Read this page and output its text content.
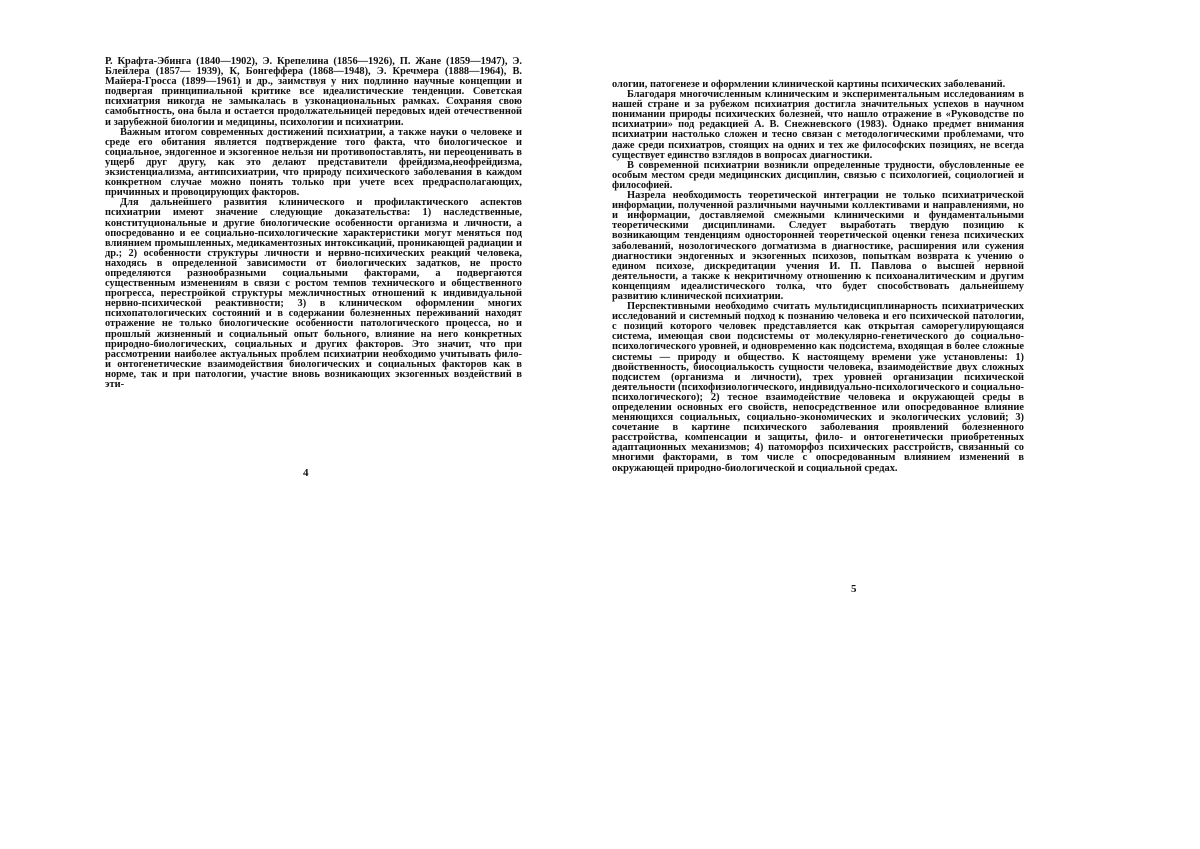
Р. Крафта-Эбинга (1840—1902), Э. Крепелина (1856—1926), П. Жане (1859—1947), Э. Блейлера (1857— 1939), К, Бонгеффера (1868—1948), Э. Кречмера (1888—1964), В. Майера-Гросса (1899—1961) и др., заимствуя у них подлинно научные концепции и подвергая принципиальной критике все идеалистические тенденции. Советская психиатрия никогда не замыкалась в узконациональных рамках. Сохраняя свою самобытность, она была и остается продолжательницей передовых идей отечественной и зарубежной биологии и медицины, психологии и психиатрии.

Важным итогом современных достижений психиатрии, а также науки о человеке и среде его обитания является подтверждение того факта, что биологическое и социальное, эндогенное и экзогенное нельзя ни противопоставлять, ни переоценивать в ущерб друг другу, как это делают представители фрейдизма,неофрейдизма, экзистенциализма, антипсихиатрии, что природу психического заболевания в каждом конкретном случае можно понять только при учете всех предрасполагающих, причинных и провоцирующих факторов.

Для дальнейшего развития клинического и профилактического аспектов психиатрии имеют значение следующие доказательства: 1) наследственные, конституциональные и другие биологические особенности организма и личности, а опосредованно и ее социально-психологические характеристики могут меняться под влиянием промышленных, медикаментозных интоксикаций, проникающей радиации и др.; 2) особенности структуры личности и нервно-психических реакций человека, находясь в определенной зависимости от биологических задатков, не просто определяются разнообразными социальными факторами, а подвергаются существенным изменениям в связи с ростом темпов технического и общественного прогресса, перестройкой структуры межличностных отношений к индивидуальной нервно-психической реактивности; 3) в клиническом оформлении многих психопатологических состояний и в содержании болезненных переживаний находят отражение не только биологические особенности патологического процесса, но и прошлый жизненный и социальный опыт больного, влияние на него конкретных природно-биологических, социальных и других факторов. Это значит, что при рассмотрении наиболее актуальных проблем психиатрии необходимо учитывать фило- и онтогенетические взаимодействия биологических и социальных факторов как в норме, так и при патологии, участие вновь возникающих экзогенных воздействий в эти-

4

ологии, патогенезе и оформлении клинической картины психических заболеваний.

Благодаря многочисленным клиническим и экспериментальным исследованиям в нашей стране и за рубежом психиатрия достигла значительных успехов в научном понимании природы психических болезней, что нашло отражение в «Руководстве по психиатрии» под редакцией А. В. Снежневского (1983). Однако предмет внимания психиатрии настолько сложен и тесно связан с методологическими проблемами, что даже среди психиатров, стоящих на одних и тех же философских позициях, не всегда существует единство взглядов в вопросах диагностики.

В современной психиатрии возникли определенные трудности, обусловленные ее особым местом среди медицинских дисциплин, связью с психологией, социологией и философией.

Назрела необходимость теоретической интеграции не только психиатрической информации, полученной различными научными коллективами и направлениями, но и информации, доставляемой смежными клиническими и фундаментальными теоретическими дисциплинами. Следует выработать твердую позицию к возникающим тенденциям односторонней теоретической оценки генеза психических заболеваний, нозологического догматизма в диагностике, расширения или сужения диагностики эндогенных и экзогенных психозов, попыткам возврата к учению о едином психозе, дискредитации учения И. П. Павлова о высшей нервной деятельности, а также к некритичному отношению к психоаналитическим и другим концепциям идеалистического толка, что будет способствовать дальнейшему развитию клинической психиатрии.

Перспективными необходимо считать мультидисциплинарность психиатрических исследований и системный подход к познанию человека и его психической патологии, с позиций которого человек представляется как открытая саморегулирующаяся система, имеющая свои подсистемы от молекулярно-генетического до социально-психологического уровней, и одновременно как подсистема, входящая в более сложные системы — природу и общество. К настоящему времени уже установлены: 1) двойственность, биосоциалькость сущности человека, взаимодействие двух сложных подсистем (организма и личности), трех уровней организации психической деятельности (психофизиологического, индивидуально-психологического и социально-психологического); 2) тесное взаимодействие человека и окружающей среды в определении основных его свойств, непосредственное или опосредованное влияние меняющихся социальных, социально-экономических и экологических условий; 3) сочетание в картине психического заболевания проявлений болезненного расстройства, компенсации и защиты, фило- и онтогенетически приобретенных адаптационных механизмов; 4) патоморфоз психических расстройств, связанный со многими факторами, в том числе с опосредованным влиянием изменений в окружающей природно-биологической и социальной средах.

5
